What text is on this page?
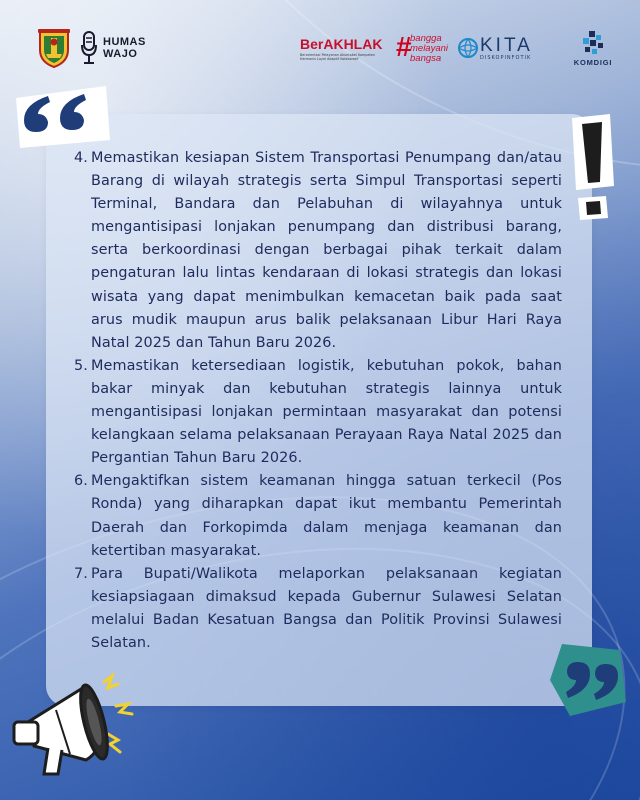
HUMAS
WAJO
BerAKHLAK
Berorientasi Pelayanan Akuntabel Kompeten Harmonis Loyal Adaptif Kolaboratif	#
bangga
melayani
bangsa
KITA
DISKOPINFOTIK	KOMDIGI
4. Memastikan kesiapan Sistem Transportasi Penumpang dan/atau Barang di wilayah strategis serta Simpul Transportasi seperti Terminal, Bandara dan Pelabuhan di wilayahnya untuk mengantisipasi lonjakan penumpang dan distribusi barang, serta berkoordinasi dengan berbagai pihak terkait dalam pengaturan lalu lintas kendaraan di lokasi strategis dan lokasi wisata yang dapat menimbulkan kemacetan baik pada saat arus mudik maupun arus balik pelaksanaan Libur Hari Raya Natal 2025 dan Tahun Baru 2026.
5. Memastikan ketersediaan logistik, kebutuhan pokok, bahan bakar minyak dan kebutuhan strategis lainnya untuk mengantisipasi lonjakan permintaan masyarakat dan potensi kelangkaan selama pelaksanaan Perayaan Raya Natal 2025 dan Pergantian Tahun Baru 2026.
6. Mengaktifkan sistem keamanan hingga satuan terkecil (Pos Ronda) yang diharapkan dapat ikut membantu Pemerintah Daerah dan Forkopimda dalam menjaga keamanan dan ketertiban masyarakat.
7. Para Bupati/Walikota melaporkan pelaksanaan kegiatan kesiapsiagaan dimaksud kepada Gubernur Sulawesi Selatan melalui Badan Kesatuan Bangsa dan Politik Provinsi Sulawesi Selatan.
